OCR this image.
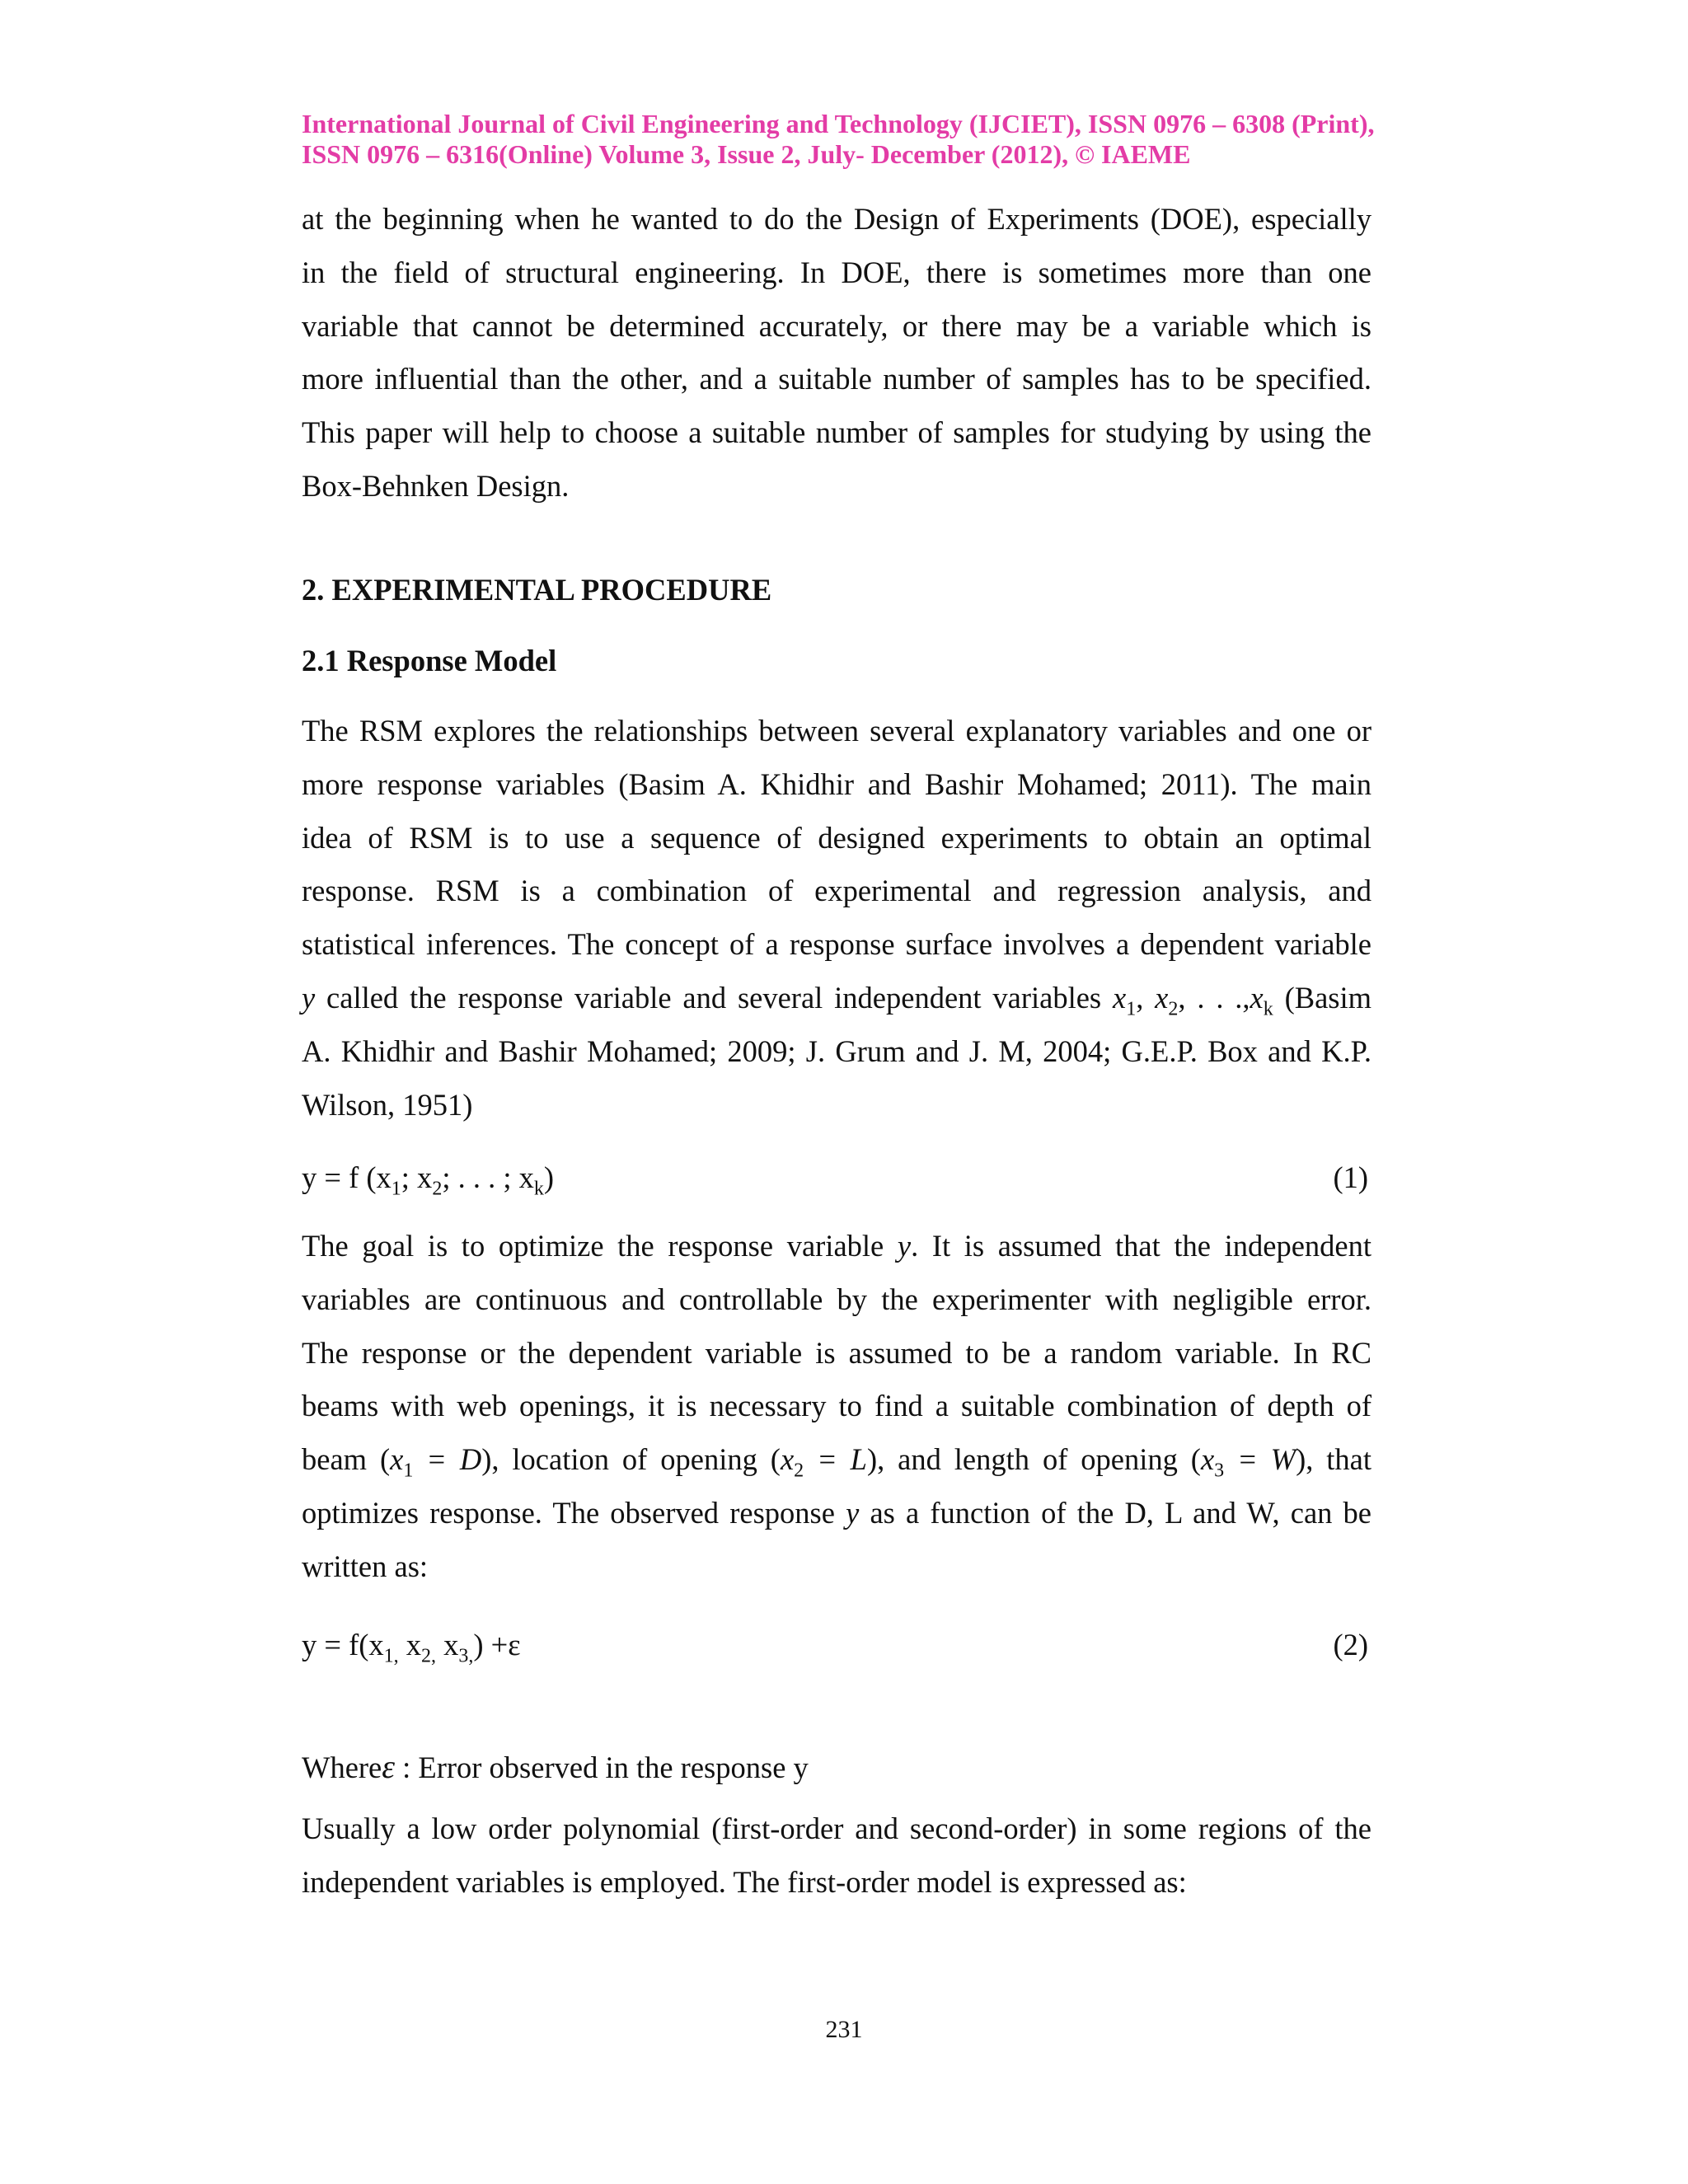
International Journal of Civil Engineering and Technology (IJCIET), ISSN 0976 – 6308 (Print),
ISSN 0976 – 6316(Online) Volume 3, Issue 2, July- December (2012), © IAEME
at the beginning when he wanted to do the Design of Experiments (DOE), especially
in the field of structural engineering. In DOE, there is sometimes more than one
variable that cannot be determined accurately, or there may be a variable which is
more influential than the other, and a suitable number of samples has to be specified.
This paper will help to choose a suitable number of samples for studying by using the
Box-Behnken Design.
2. EXPERIMENTAL PROCEDURE
2.1 Response Model
The RSM explores the relationships between several explanatory variables and one or
more response variables (Basim A. Khidhir and Bashir Mohamed; 2011). The main
idea of RSM is to use a sequence of designed experiments to obtain an optimal
response. RSM is a combination of experimental and regression analysis, and
statistical inferences. The concept of a response surface involves a dependent variable
y called the response variable and several independent variables $x_1$, $x_2$, . . $.,x_k$ (Basim
A. Khidhir and Bashir Mohamed; 2009; J. Grum and J. M, 2004; G.E.P. Box and K.P.
Wilson, 1951)
y = f ($x_1$; $x_2$; . . . ; $x_k$)	(1)
The goal is to optimize the response variable y. It is assumed that the independent
variables are continuous and controllable by the experimenter with negligible error.
The response or the dependent variable is assumed to be a random variable. In RC
beams with web openings, it is necessary to find a suitable combination of depth of
beam $(x_1 = D)$, location of opening $(x_2 = L)$, and length of opening $(x_3 = W)$, that
optimizes response. The observed response y as a function of the D, L and W, can be
written as:
$y = f(x_{1,}$ $x_{2,}$ $x_{3,}) +\varepsilon$	(2)
Whereε : Error observed in the response y
Usually a low order polynomial (first-order and second-order) in some regions of the
independent variables is employed. The first-order model is expressed as:
231
